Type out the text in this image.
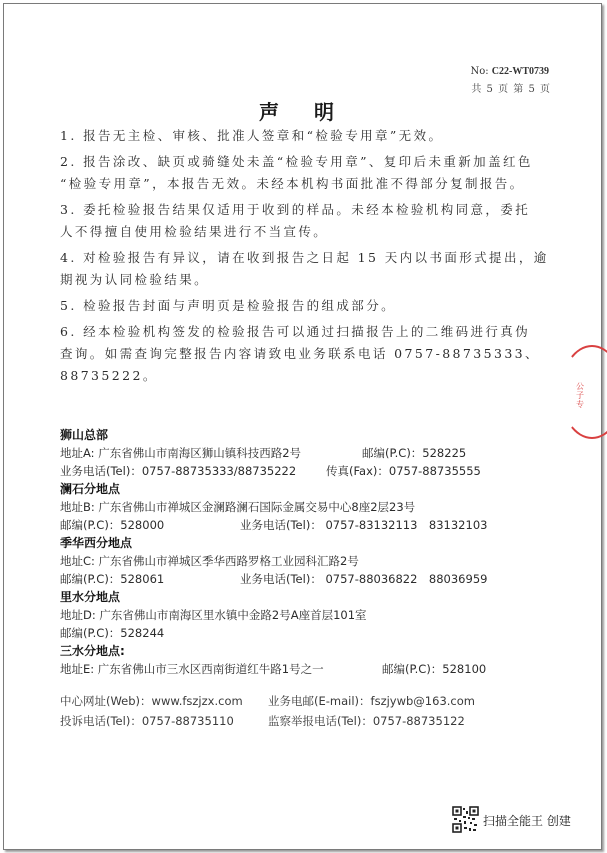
No: C22-WT0739
共 5 页 第 5 页
声 明
1. 报告无主检、审核、批准人签章和“检验专用章”无效。
2. 报告涂改、缺页或骑缝处未盖“检验专用章”、复印后未重新加盖红色
“检验专用章”，本报告无效。未经本机构书面批准不得部分复制报告。
3. 委托检验报告结果仅适用于收到的样品。未经本检验机构同意，委托
人不得擅自使用检验结果进行不当宣传。
4. 对检验报告有异议，请在收到报告之日起 15 天内以书面形式提出，逾
期视为认同检验结果。
5. 检验报告封面与声明页是检验报告的组成部分。
6. 经本检验机构签发的检验报告可以通过扫描报告上的二维码进行真伪
查询。如需查询完整报告内容请致电业务联系电话 0757-88735333、
88735222。
公子专
狮山总部
地址A: 广东省佛山市南海区狮山镇科技西路2号	邮编(P.C)：528225
业务电话(Tel)：0757-88735333/88735222	传真(Fax)：0757-88735555
澜石分地点
地址B: 广东省佛山市禅城区金澜路澜石国际金属交易中心8座2层23号
邮编(P.C)：528000	业务电话(Tel)： 0757-83132113　83132103
季华西分地点
地址C: 广东省佛山市禅城区季华西路罗格工业园科汇路2号
邮编(P.C)：528061	业务电话(Tel)： 0757-88036822　88036959
里水分地点
地址D: 广东省佛山市南海区里水镇中金路2号A座首层101室
邮编(P.C)：528244
三水分地点:
地址E: 广东省佛山市三水区西南街道红牛路1号之一	邮编(P.C)：528100
中心网址(Web)：www.fszjzx.com 业务电邮(E-mail)：fszjywb@163.com
投诉电话(Tel)：0757-88735110	监察举报电话(Tel)：0757-88735122
扫描全能王 创建
